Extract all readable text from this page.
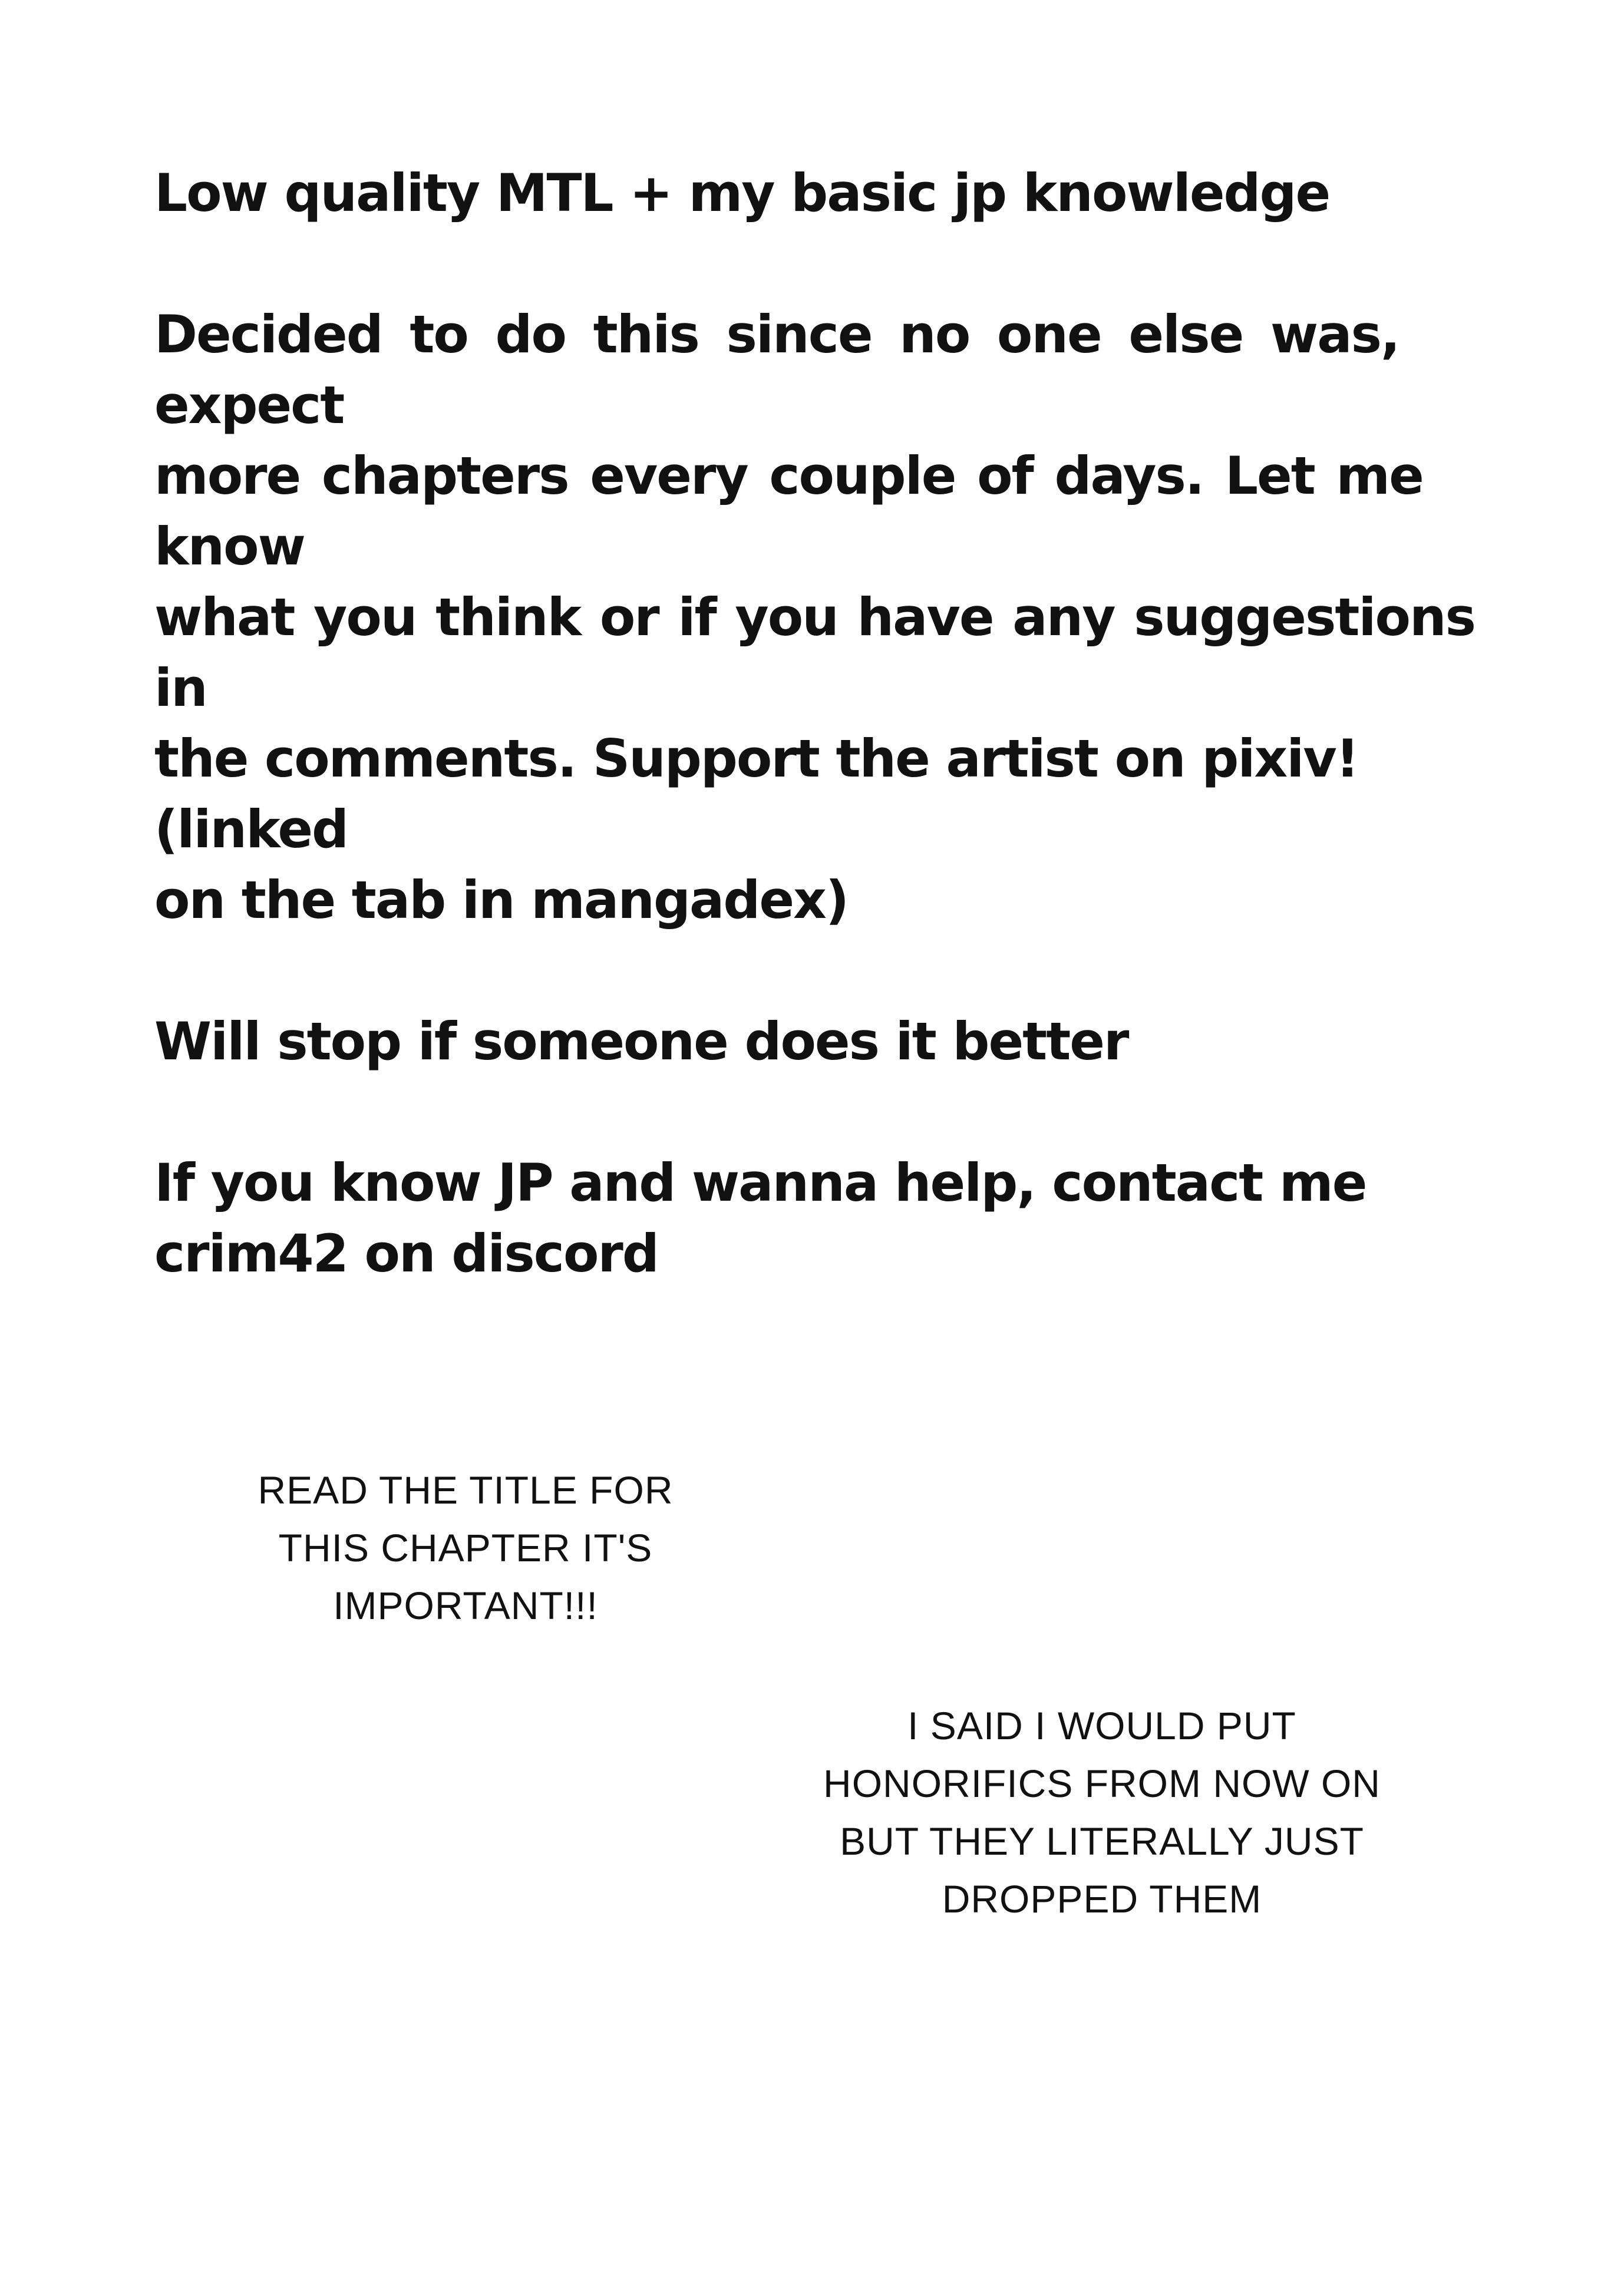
Low quality MTL + my basic jp knowledge

Decided to do this since no one else was, expect
more chapters every couple of days. Let me know
what you think or if you have any suggestions in
the comments. Support the artist on pixiv! (linked
on the tab in mangadex)

Will stop if someone does it better

If you know JP and wanna help, contact me
crim42 on discord
READ THE TITLE FOR
THIS CHAPTER IT'S
IMPORTANT!!!
I SAID I WOULD PUT
HONORIFICS FROM NOW ON
BUT THEY LITERALLY JUST
DROPPED THEM
